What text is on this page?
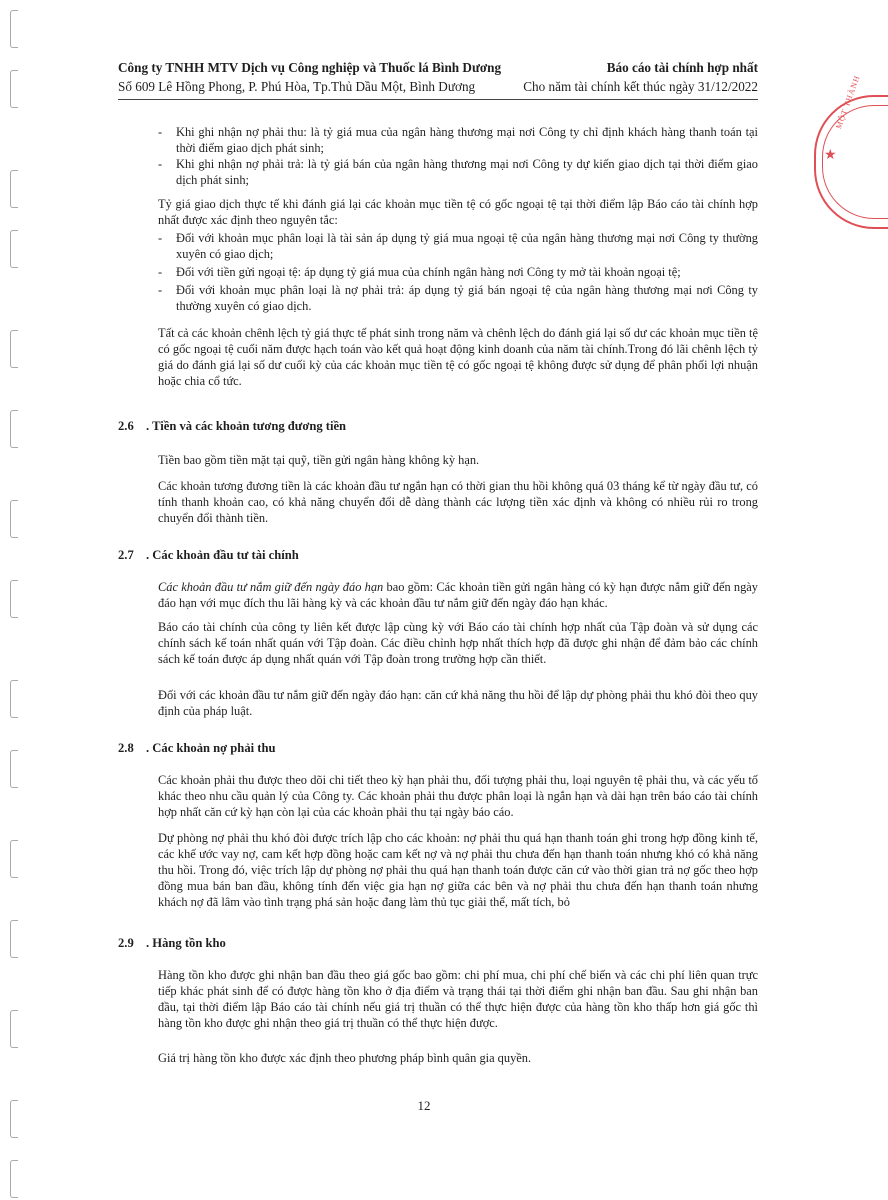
★
MỘT THÀNH
Công ty TNHH MTV Dịch vụ Công nghiệp và Thuốc lá Bình Dương
Số 609 Lê Hồng Phong, P. Phú Hòa, Tp.Thủ Dầu Một, Bình Dương
Báo cáo tài chính hợp nhất
Cho năm tài chính kết thúc ngày 31/12/2022
- Khi ghi nhận nợ phải thu: là tỷ giá mua của ngân hàng thương mại nơi Công ty chỉ định khách hàng thanh toán tại thời điểm giao dịch phát sinh;
- Khi ghi nhận nợ phải trả: là tỷ giá bán của ngân hàng thương mại nơi Công ty dự kiến giao dịch tại thời điểm giao dịch phát sinh;

Tỷ giá giao dịch thực tế khi đánh giá lại các khoản mục tiền tệ có gốc ngoại tệ tại thời điểm lập Báo cáo tài chính hợp nhất được xác định theo nguyên tắc:

- Đối với khoản mục phân loại là tài sản áp dụng tỷ giá mua ngoại tệ của ngân hàng thương mại nơi Công ty thường xuyên có giao dịch;
- Đối với tiền gửi ngoại tệ: áp dụng tỷ giá mua của chính ngân hàng nơi Công ty mở tài khoản ngoại tệ;
- Đối với khoản mục phân loại là nợ phải trả: áp dụng tỷ giá bán ngoại tệ của ngân hàng thương mại nơi Công ty thường xuyên có giao dịch.

Tất cả các khoản chênh lệch tỷ giá thực tế phát sinh trong năm và chênh lệch do đánh giá lại số dư các khoản mục tiền tệ có gốc ngoại tệ cuối năm được hạch toán vào kết quả hoạt động kinh doanh của năm tài chính.Trong đó lãi chênh lệch tỷ giá do đánh giá lại số dư cuối kỳ của các khoản mục tiền tệ có gốc ngoại tệ không được sử dụng để phân phối lợi nhuận hoặc chia cổ tức.

2.6 . Tiền và các khoản tương đương tiền

Tiền bao gồm tiền mặt tại quỹ, tiền gửi ngân hàng không kỳ hạn.

Các khoản tương đương tiền là các khoản đầu tư ngắn hạn có thời gian thu hồi không quá 03 tháng kể từ ngày đầu tư, có tính thanh khoản cao, có khả năng chuyển đổi dễ dàng thành các lượng tiền xác định và không có nhiều rủi ro trong chuyển đổi thành tiền.

2.7 . Các khoản đầu tư tài chính

Các khoản đầu tư nắm giữ đến ngày đáo hạn bao gồm: Các khoản tiền gửi ngân hàng có kỳ hạn được nắm giữ đến ngày đáo hạn với mục đích thu lãi hàng kỳ và các khoản đầu tư nắm giữ đến ngày đáo hạn khác.

Báo cáo tài chính của công ty liên kết được lập cùng kỳ với Báo cáo tài chính hợp nhất của Tập đoàn và sử dụng các chính sách kế toán nhất quán với Tập đoàn. Các điều chỉnh hợp nhất thích hợp đã được ghi nhận để đảm bảo các chính sách kế toán được áp dụng nhất quán với Tập đoàn trong trường hợp cần thiết.

Đối với các khoản đầu tư nắm giữ đến ngày đáo hạn: căn cứ khả năng thu hồi để lập dự phòng phải thu khó đòi theo quy định của pháp luật.

2.8 . Các khoản nợ phải thu

Các khoản phải thu được theo dõi chi tiết theo kỳ hạn phải thu, đối tượng phải thu, loại nguyên tệ phải thu, và các yếu tố khác theo nhu cầu quản lý của Công ty. Các khoản phải thu được phân loại là ngắn hạn và dài hạn trên báo cáo tài chính hợp nhất căn cứ kỳ hạn còn lại của các khoản phải thu tại ngày báo cáo.

Dự phòng nợ phải thu khó đòi được trích lập cho các khoản: nợ phải thu quá hạn thanh toán ghi trong hợp đồng kinh tế, các khế ước vay nợ, cam kết hợp đồng hoặc cam kết nợ và nợ phải thu chưa đến hạn thanh toán nhưng khó có khả năng thu hồi. Trong đó, việc trích lập dự phòng nợ phải thu quá hạn thanh toán được căn cứ vào thời gian trả nợ gốc theo hợp đồng mua bán ban đầu, không tính đến việc gia hạn nợ giữa các bên và nợ phải thu chưa đến hạn thanh toán nhưng khách nợ đã lâm vào tình trạng phá sản hoặc đang làm thủ tục giải thể, mất tích, bỏ

2.9 . Hàng tồn kho

Hàng tồn kho được ghi nhận ban đầu theo giá gốc bao gồm: chi phí mua, chi phí chế biến và các chi phí liên quan trực tiếp khác phát sinh để có được hàng tồn kho ở địa điểm và trạng thái tại thời điểm ghi nhận ban đầu. Sau ghi nhận ban đầu, tại thời điểm lập Báo cáo tài chính nếu giá trị thuần có thể thực hiện được của hàng tồn kho thấp hơn giá gốc thì hàng tồn kho được ghi nhận theo giá trị thuần có thể thực hiện được.

Giá trị hàng tồn kho được xác định theo phương pháp bình quân gia quyền.

12
